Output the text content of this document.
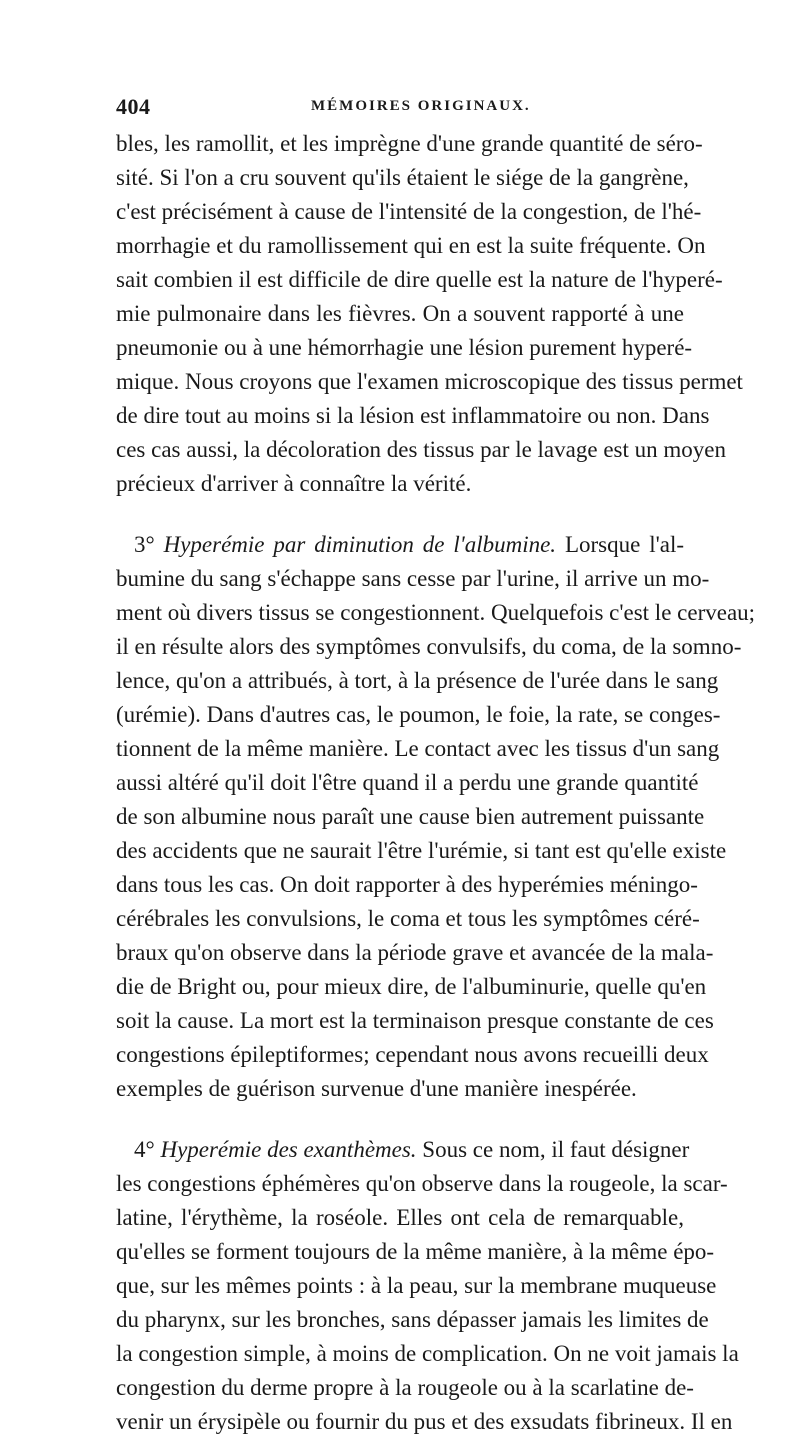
404	MÉMOIRES ORIGINAUX.
bles, les ramollit, et les imprègne d'une grande quantité de séro-
sité. Si l'on a cru souvent qu'ils étaient le siége de la gangrène,
c'est précisément à cause de l'intensité de la congestion, de l'hé-
morrhagie et du ramollissement qui en est la suite fréquente. On
sait combien il est difficile de dire quelle est la nature de l'hyperé-
mie pulmonaire dans les fièvres. On a souvent rapporté à une
pneumonie ou à une hémorrhagie une lésion purement hyperé-
mique. Nous croyons que l'examen microscopique des tissus permet
de dire tout au moins si la lésion est inflammatoire ou non. Dans
ces cas aussi, la décoloration des tissus par le lavage est un moyen
précieux d'arriver à connaître la vérité.
3° Hyperémie par diminution de l'albumine. Lorsque l'al-
bumine du sang s'échappe sans cesse par l'urine, il arrive un mo-
ment où divers tissus se congestionnent. Quelquefois c'est le cerveau;
il en résulte alors des symptômes convulsifs, du coma, de la somno-
lence, qu'on a attribués, à tort, à la présence de l'urée dans le sang
(urémie). Dans d'autres cas, le poumon, le foie, la rate, se conges-
tionnent de la même manière. Le contact avec les tissus d'un sang
aussi altéré qu'il doit l'être quand il a perdu une grande quantité
de son albumine nous paraît une cause bien autrement puissante
des accidents que ne saurait l'être l'urémie, si tant est qu'elle existe
dans tous les cas. On doit rapporter à des hyperémies méningo-
cérébrales les convulsions, le coma et tous les symptômes céré-
braux qu'on observe dans la période grave et avancée de la mala-
die de Bright ou, pour mieux dire, de l'albuminurie, quelle qu'en
soit la cause. La mort est la terminaison presque constante de ces
congestions épileptiformes; cependant nous avons recueilli deux
exemples de guérison survenue d'une manière inespérée.
4° Hyperémie des exanthèmes. Sous ce nom, il faut désigner
les congestions éphémères qu'on observe dans la rougeole, la scar-
latine, l'érythème, la roséole. Elles ont cela de remarquable,
qu'elles se forment toujours de la même manière, à la même épo-
que, sur les mêmes points : à la peau, sur la membrane muqueuse
du pharynx, sur les bronches, sans dépasser jamais les limites de
la congestion simple, à moins de complication. On ne voit jamais la
congestion du derme propre à la rougeole ou à la scarlatine de-
venir un érysipèle ou fournir du pus et des exsudats fibrineux. Il en
